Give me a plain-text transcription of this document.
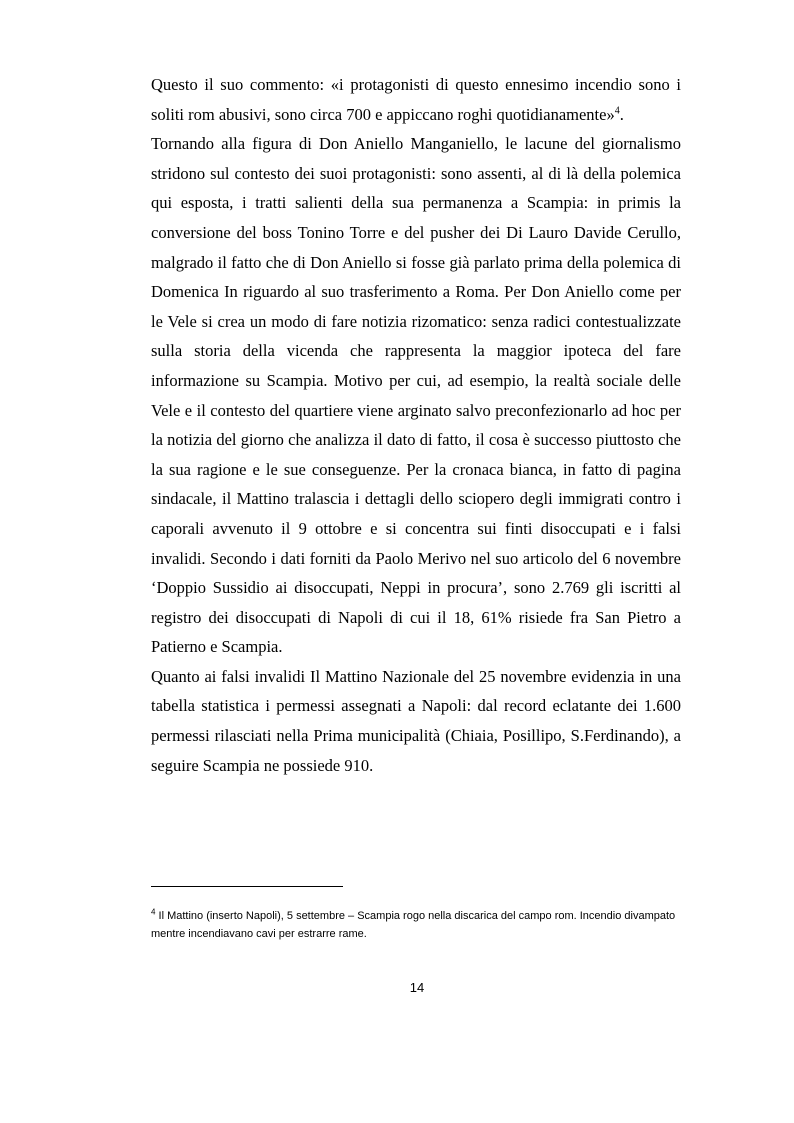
Questo il suo commento: «i protagonisti di questo ennesimo incendio sono i soliti rom abusivi, sono circa 700 e appiccano roghi quotidianamente»$^4$.

Tornando alla figura di Don Aniello Manganiello, le lacune del giornalismo stridono sul contesto dei suoi protagonisti: sono assenti, al di là della polemica qui esposta, i tratti salienti della sua permanenza a Scampia: in primis la conversione del boss Tonino Torre e del pusher dei Di Lauro Davide Cerullo, malgrado il fatto che di Don Aniello si fosse già parlato prima della polemica di Domenica In riguardo al suo trasferimento a Roma. Per Don Aniello come per le Vele si crea un modo di fare notizia rizomatico: senza radici contestualizzate sulla storia della vicenda che rappresenta la maggior ipoteca del fare informazione su Scampia. Motivo per cui, ad esempio, la realtà sociale delle Vele e il contesto del quartiere viene arginato salvo preconfezionarlo ad hoc per la notizia del giorno che analizza il dato di fatto, il cosa è successo piuttosto che la sua ragione e le sue conseguenze. Per la cronaca bianca, in fatto di pagina sindacale, il Mattino tralascia i dettagli dello sciopero degli immigrati contro i caporali avvenuto il 9 ottobre e si concentra sui finti disoccupati e i falsi invalidi. Secondo i dati forniti da Paolo Merivo nel suo articolo del 6 novembre ‘Doppio Sussidio ai disoccupati, Neppi in procura’, sono 2.769 gli iscritti al registro dei disoccupati di Napoli di cui il 18, 61% risiede fra San Pietro a Patierno e Scampia.

Quanto ai falsi invalidi Il Mattino Nazionale del 25 novembre evidenzia in una tabella statistica i permessi assegnati a Napoli: dal record eclatante dei 1.600 permessi rilasciati nella Prima municipalità (Chiaia, Posillipo, S.Ferdinando), a seguire Scampia ne possiede 910.

$^4$ Il Mattino (inserto Napoli), 5 settembre – Scampia rogo nella discarica del campo rom. Incendio divampato mentre incendiavano cavi per estrarre rame.

14
